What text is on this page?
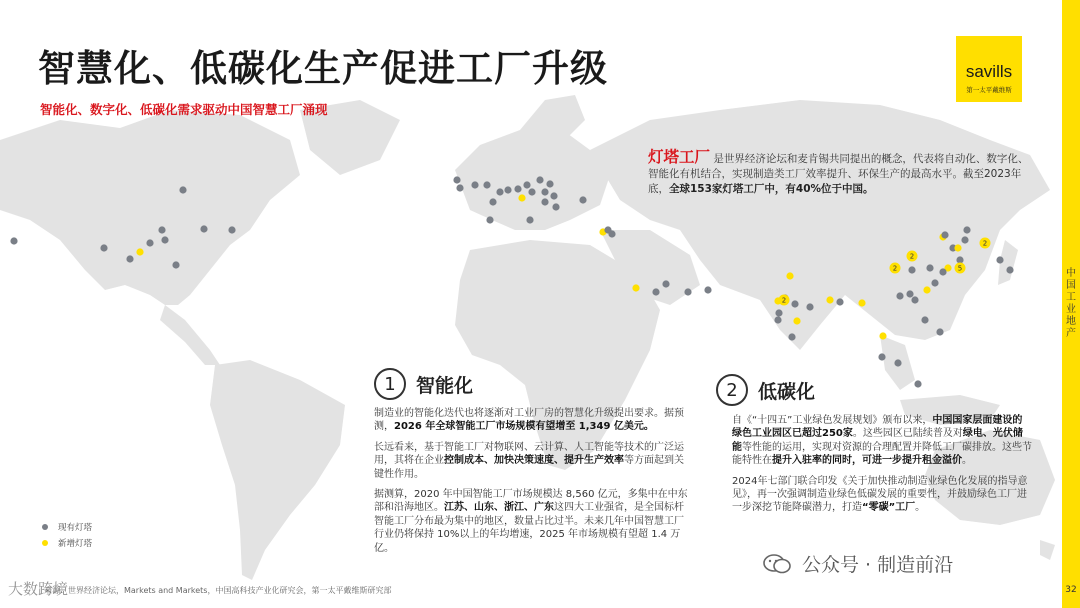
2
2
2
5
2
智慧化、低碳化生产促进工厂升级
智能化、数字化、低碳化需求驱动中国智慧工厂涌现
savills
第一太平戴维斯
中国工业地产
32
灯塔工厂 是世界经济论坛和麦肯锡共同提出的概念，代表将自动化、数字化、智能化有机结合，实现制造类工厂效率提升、环保生产的最高水平。截至2023年底，全球153家灯塔工厂中，有40%位于中国。
1	智能化

制造业的智能化迭代也将逐渐对工业厂房的智慧化升级提出要求。据预测，2026 年全球智能工厂市场规模有望增至 1,349 亿美元。

长远看来，基于智能工厂对物联网、云计算、人工智能等技术的广泛运用，其将在企业控制成本、加快决策速度、提升生产效率等方面起到关键性作用。

据测算，2020 年中国智能工厂市场规模达 8,560 亿元，多集中在中东部和沿海地区。江苏、山东、浙江、广东这四大工业强省，是全国标杆智能工厂分布最为集中的地区，数量占比过半。未来几年中国智慧工厂行业仍将保持 10%以上的年均增速，2025 年市场规模有望超 1.4 万亿。

2	低碳化

自《“十四五”工业绿色发展规划》颁布以来，中国国家层面建设的绿色工业园区已超过250家。这些园区已陆续普及对绿电、光伏储能等性能的运用，实现对资源的合理配置并降低工厂碳排放。这些节能特性在提升入驻率的同时，可进一步提升租金溢价。

2024年七部门联合印发《关于加快推动制造业绿色化发展的指导意见》，再一次强调制造业绿色低碳发展的重要性，并鼓励绿色工厂进一步深挖节能降碳潜力，打造“零碳”工厂。

现有灯塔
新增灯塔
来源：世界经济论坛，Markets and Markets，中国高科技产业化研究会，第一太平戴维斯研究部
公众号 · 制造前沿
大数跨境
